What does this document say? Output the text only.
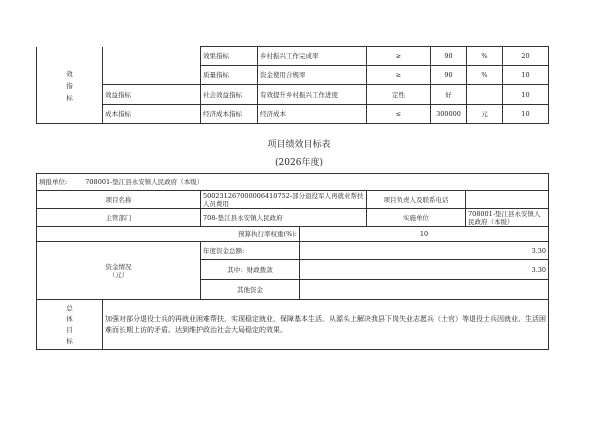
效
指
标		效果指标	乡村振兴工作完成率	≥	90	%	20
		质量指标	资金使用合规率	≥	90	%	10
	效益指标	社会效益指标	有效提升乡村振兴工作进度	定性	好		10
	成本指标	经济成本指标	经济成本	≤	300000	元	10
项目绩效目标表
(2026年度)
填报单位: 708001-垫江县永安镇人民政府（本级）					
项目名称		500231267000006410752-部分退役军人再就业帮扶人员费用		项目负责人及联系电话	
主管部门		708-垫江县永安镇人民政府		实施单位	708001-垫江县永安镇人民政府（本级）
预算执行率权重(%):			10		
资金情况
（元）		年度资金总额:	3.30		
		其中：财政拨款	3.30		
		其他资金			
总
体
目
标	加强对部分退役士兵的再就业困难帮扶，实现稳定就业，保障基本生活。从源头上解决我县下岗失业志愿兵（士官）等退役士兵因就业、生活困难而长期上访的矛盾。达到维护政治社会大局稳定的效果。				
